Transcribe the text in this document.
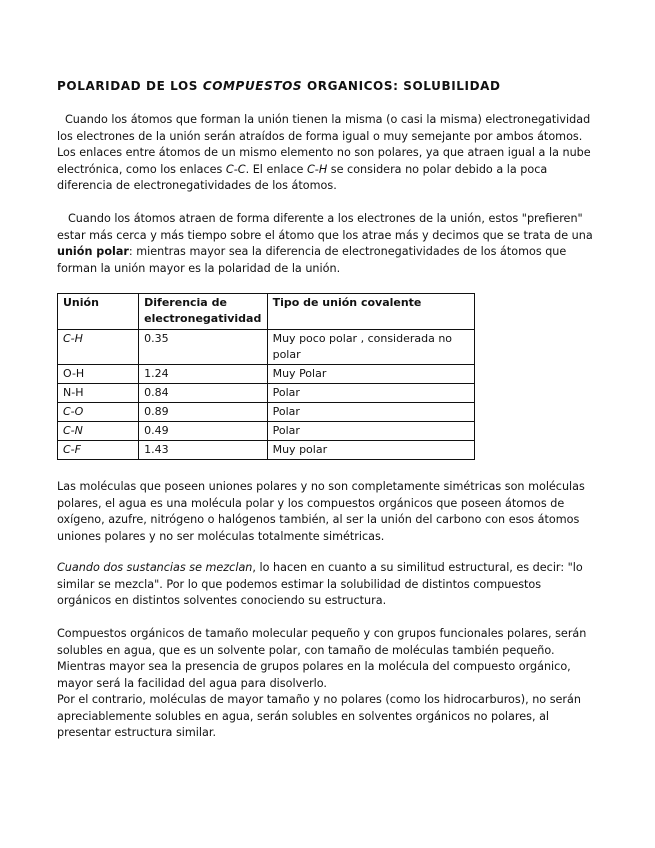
POLARIDAD DE LOS COMPUESTOS ORGANICOS: SOLUBILIDAD

Cuando los átomos que forman la unión tienen la misma (o casi la misma) electronegatividad los electrones de la unión serán atraídos de forma igual o muy semejante por ambos átomos. Los enlaces entre átomos de un mismo elemento no son polares, ya que atraen igual a la nube electrónica, como los enlaces C-C. El enlace C-H se considera no polar debido a la poca diferencia de electronegatividades de los átomos.

Cuando los átomos atraen de forma diferente a los electrones de la unión, estos "prefieren" estar más cerca y más tiempo sobre el átomo que los atrae más y decimos que se trata de una unión polar: mientras mayor sea la diferencia de electronegatividades de los átomos que forman la unión mayor es la polaridad de la unión.

Unión	Diferencia de electronegatividad	Tipo de unión covalente
C-H	0.35	Muy poco polar , considerada no polar
O-H	1.24	Muy Polar
N-H	0.84	Polar
C-O	0.89	Polar
C-N	0.49	Polar
C-F	1.43	Muy polar

Las moléculas que poseen uniones polares y no son completamente simétricas son moléculas polares, el agua es una molécula polar y los compuestos orgánicos que poseen átomos de oxígeno, azufre, nitrógeno o halógenos también, al ser la unión del carbono con esos átomos uniones polares y no ser moléculas totalmente simétricas.

Cuando dos sustancias se mezclan, lo hacen en cuanto a su similitud estructural, es decir: "lo similar se mezcla". Por lo que podemos estimar la solubilidad de distintos compuestos orgánicos en distintos solventes conociendo su estructura.

Compuestos orgánicos de tamaño molecular pequeño y con grupos funcionales polares, serán solubles en agua, que es un solvente polar, con tamaño de moléculas también pequeño. Mientras mayor sea la presencia de grupos polares en la molécula del compuesto orgánico, mayor será la facilidad del agua para disolverlo.
Por el contrario, moléculas de mayor tamaño y no polares (como los hidrocarburos), no serán apreciablemente solubles en agua, serán solubles en solventes orgánicos no polares, al presentar estructura similar.
